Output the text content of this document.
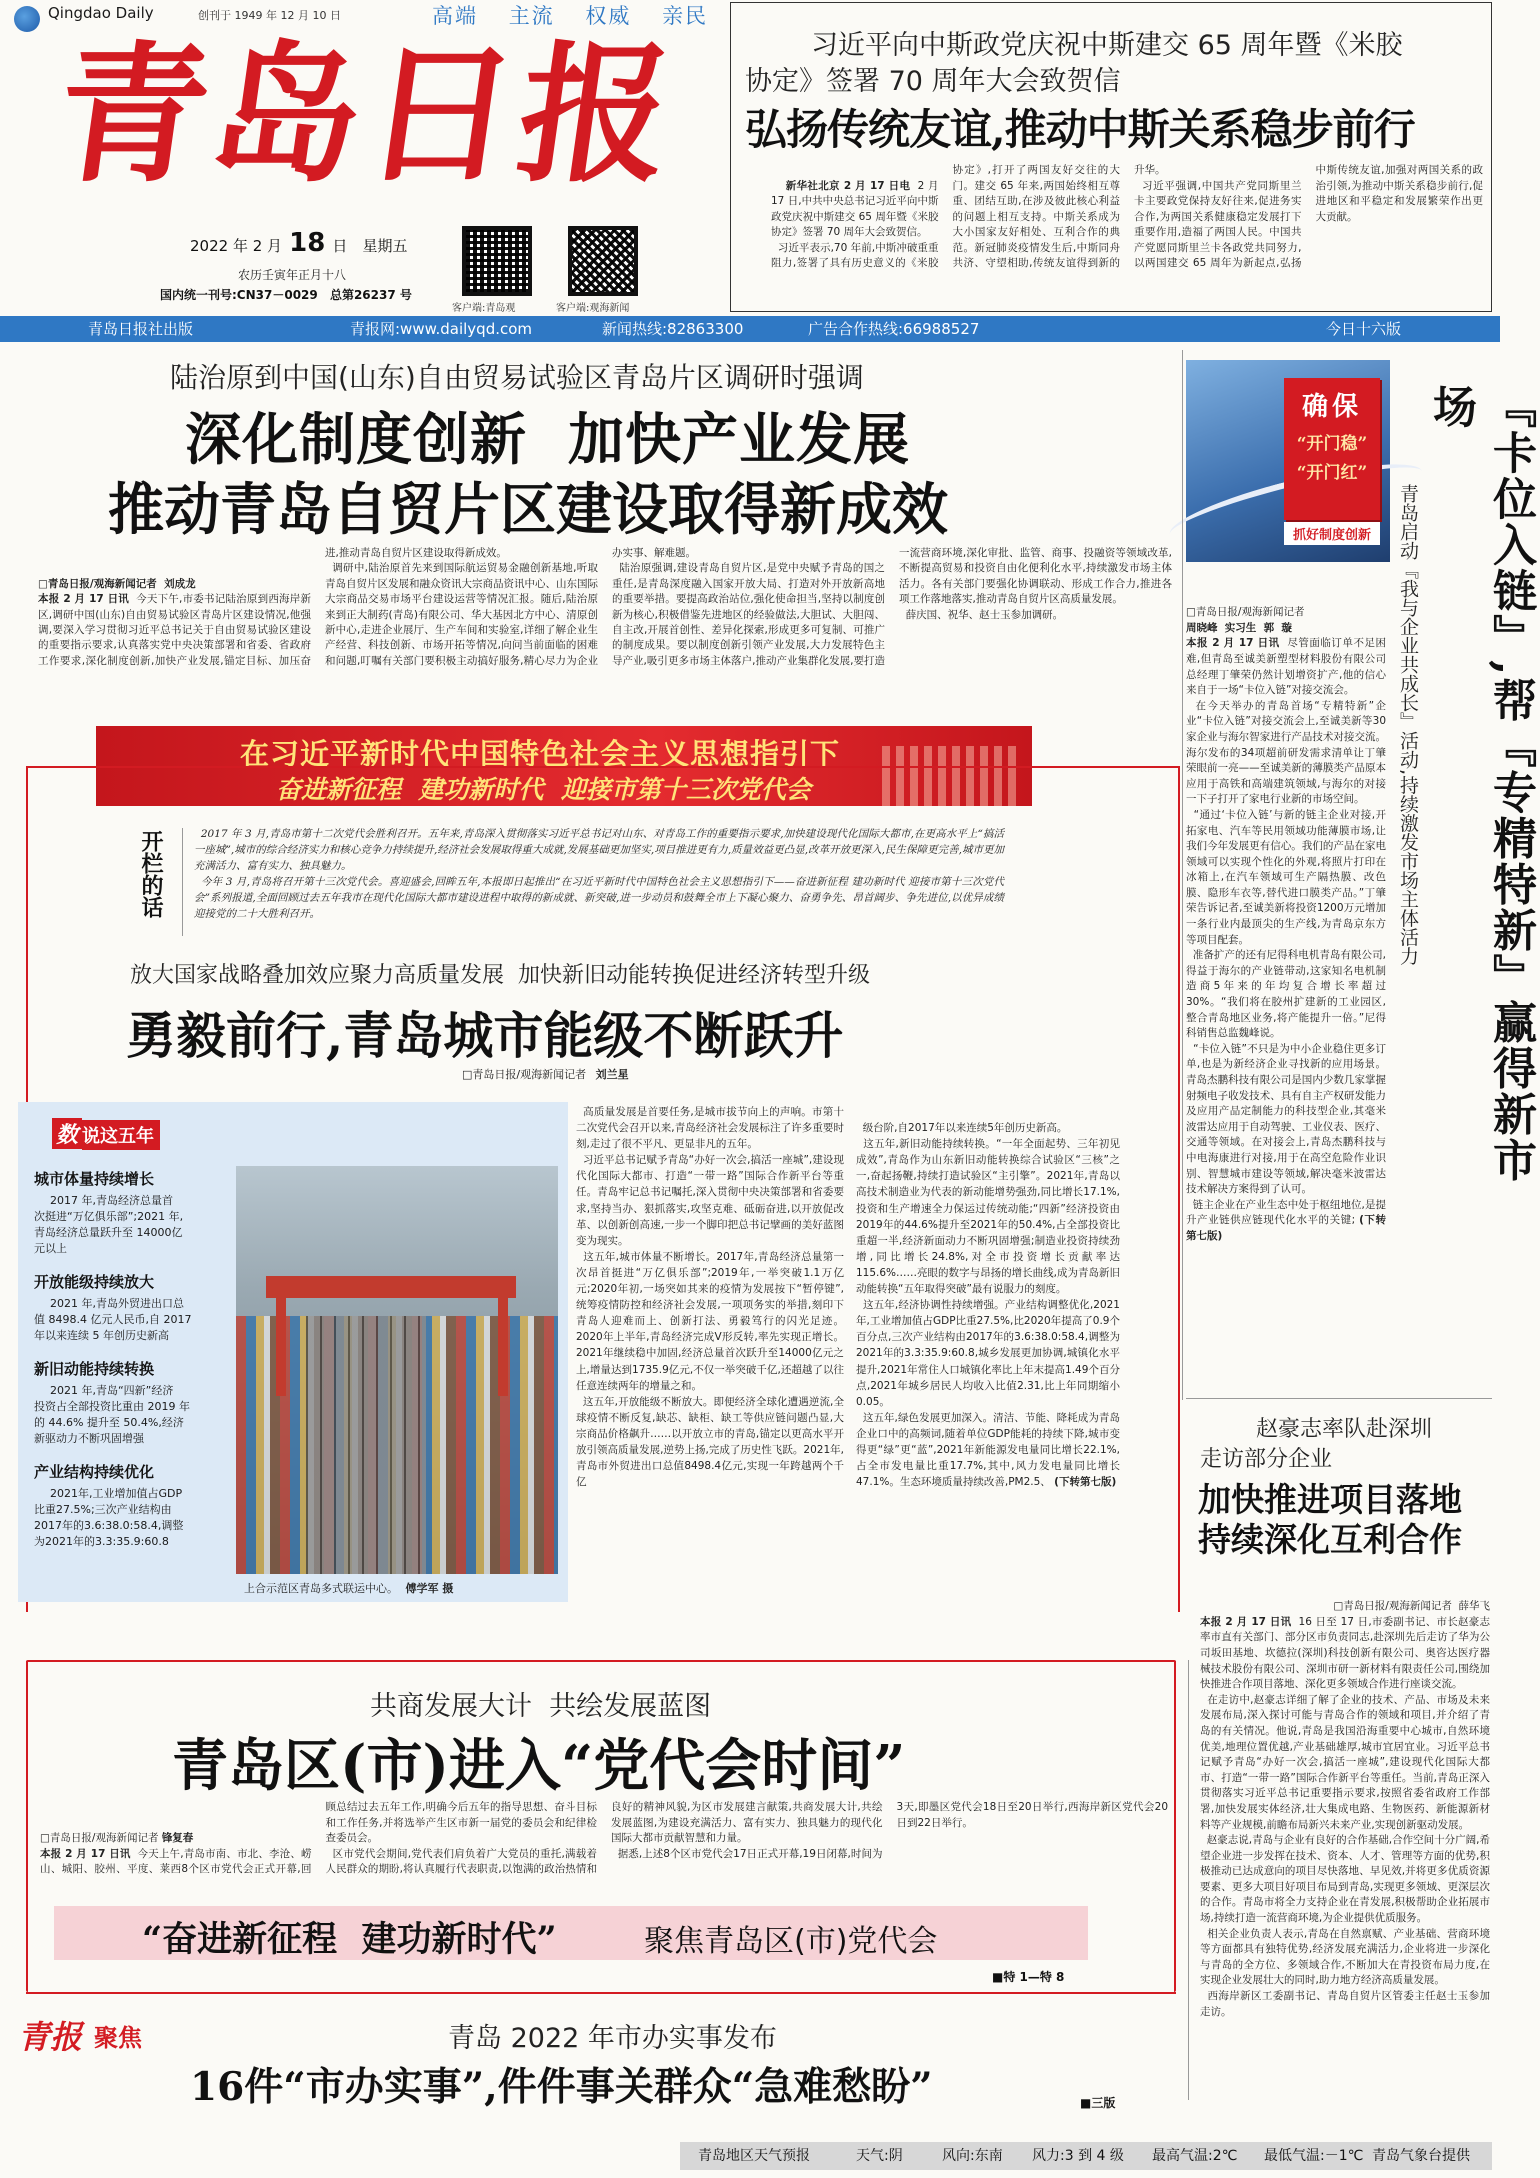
Qingdao Daily	创刊于 1949 年 12 月 10 日	高端 主流 权威 亲民
青岛日报
2022 年 2 月 18 日 星期五
农历壬寅年正月十八
国内统一刊号:CN37－0029 总第26237 号
客户端:青岛观	客户端:观海新闻
习近平向中斯政党庆祝中斯建交 65 周年暨《米胶
协定》签署 70 周年大会致贺信
弘扬传统友谊,推动中斯关系稳步前行

新华社北京 2 月 17 日电  2 月 17 日,中共中央总书记习近平向中斯政党庆祝中斯建交 65 周年暨《米胶协定》签署 70 周年大会致贺信。
习近平表示,70 年前,中斯冲破重重阻力,签署了具有历史意义的《米胶协定》,打开了两国友好交往的大门。建交 65 年来,两国始终相互尊重、团结互助,在涉及彼此核心利益的问题上相互支持。中斯关系成为大小国家友好相处、互利合作的典范。新冠肺炎疫情发生后,中斯同舟共济、守望相助,传统友谊得到新的升华。
习近平强调,中国共产党同斯里兰卡主要政党保持友好往来,促进务实合作,为两国关系健康稳定发展打下重要作用,造福了两国人民。中国共产党愿同斯里兰卡各政党共同努力,以两国建交 65 周年为新起点,弘扬中斯传统友谊,加强对两国关系的政治引领,为推动中斯关系稳步前行,促进地区和平稳定和发展繁荣作出更大贡献。

青岛日报社出版	青报网:www.dailyqd.com	新闻热线:82863300	广告合作热线:66988527	今日十六版
陆治原到中国(山东)自由贸易试验区青岛片区调研时强调
深化制度创新  加快产业发展
推动青岛自贸片区建设取得新成效

□青岛日报/观海新闻记者  刘成龙
本报 2 月 17 日讯  今天下午,市委书记陆治原到西海岸新区,调研中国(山东)自由贸易试验区青岛片区建设情况,他强调,要深入学习贯彻习近平总书记关于自由贸易试验区建设的重要指示要求,认真落实党中央决策部署和省委、省政府工作要求,深化制度创新,加快产业发展,锚定目标、加压奋进,推动青岛自贸片区建设取得新成效。
调研中,陆治原首先来到国际航运贸易金融创新基地,听取青岛自贸片区发展和融众资讯大宗商品资讯中心、山东国际大宗商品交易市场平台建设运营等情况汇报。随后,陆治原来到正大制药(青岛)有限公司、华大基因北方中心、清原创新中心,走进企业展厅、生产车间和实验室,详细了解企业生产经营、科技创新、市场开拓等情况,向问当前面临的困难和问题,叮嘱有关部门要积极主动搞好服务,精心尽力为企业办实事、解难题。
陆治原强调,建设青岛自贸片区,是党中央赋予青岛的国之重任,是青岛深度融入国家开放大局、打造对外开放新高地的重要举措。要提高政治站位,强化使命担当,坚持以制度创新为核心,积极借鉴先进地区的经验做法,大胆试、大胆闯、自主改,开展首创性、差异化探索,形成更多可复制、可推广的制度成果。要以制度创新引领产业发展,大力发展特色主导产业,吸引更多市场主体落户,推动产业集群化发展,要打造一流营商环境,深化审批、监管、商事、投融资等领域改革,不断提高贸易和投资自由化便利化水平,持续激发市场主体活力。各有关部门要强化协调联动、形成工作合力,推进各项工作落地落实,推动青岛自贸片区高质量发展。
薛庆国、祝华、赵士玉参加调研。

确保
“开门稳”
“开门红”
抓好制度创新	『卡位入链』,帮『专精特新』赢得新市场
青岛启动『我与企业共成长』活动,持续激发市场主体活力

□青岛日报/观海新闻记者
周晓峰  实习生  郭  璇
本报 2 月 17 日讯  尽管面临订单不足困难,但青岛至诚美新塑型材料股份有限公司总经理丁肇荣仍然计划增资扩产,他的信心来自于一场“卡位入链”对接交流会。
在今天举办的青岛首场“专精特新”企业“卡位入链”对接交流会上,至诚美新等30家企业与海尔智家进行产品技术对接交流。海尔发布的34项超前研发需求清单让丁肇荣眼前一亮——至诚美新的薄膜类产品原本应用于高铁和高端建筑领域,与海尔的对接一下子打开了家电行业新的市场空间。
“通过‘卡位入链’与新的链主企业对接,开拓家电、汽车等民用领域功能薄膜市场,让我们今年发展更有信心。我们的产品在家电领域可以实现个性化的外观,将照片打印在冰箱上,在汽车领域可生产隔热膜、改色膜、隐形车衣等,替代进口膜类产品。”丁肇荣告诉记者,至诚美新将投资1200万元增加一条行业内最顶尖的生产线,为青岛京东方等项目配套。
准备扩产的还有尼得科电机青岛有限公司,得益于海尔的产业链带动,这家知名电机制造商5年来的年均复合增长率超过30%。“我们将在胶州扩建新的工业园区,整合青岛地区业务,将产能提升一倍。”尼得科销售总监魏峰说。
“卡位入链”不只是为中小企业稳住更多订单,也是为新经济企业寻找新的应用场景。青岛杰鹏科技有限公司是国内少数几家掌握射频电子收发技术、具有自主产权研发能力及应用产品定制能力的科技型企业,其毫米波雷达应用于自动驾驶、工业仪表、医疗、交通等领域。在对接会上,青岛杰鹏科技与中电海康进行对接,用于在高空危险作业识别、智慧城市建设等领域,解决毫米波雷达技术解决方案得到了认可。
链主企业在产业生态中处于枢纽地位,是提升产业链供应链现代化水平的关键; (下转第七版)

在习近平新时代中国特色社会主义思想指引下
奋进新征程  建功新时代  迎接市第十三次党代会
开栏的话	2017 年 3 月,青岛市第十二次党代会胜利召开。五年来,青岛深入贯彻落实习近平总书记对山东、对青岛工作的重要指示要求,加快建设现代化国际大都市,在更高水平上“搞活一座城”,城市的综合经济实力和核心竞争力持续提升,经济社会发展取得重大成就,发展基础更加坚实,项目推进更有力,质量效益更凸显,改革开放更深入,民生保障更完善,城市更加充满活力、富有实力、独具魅力。
今年 3 月,青岛将召开第十三次党代会。喜迎盛会,回眸五年,本报即日起推出“在习近平新时代中国特色社会主义思想指引下——奋进新征程 建功新时代 迎接市第十三次党代会”系列报道,全面回顾过去五年我市在现代化国际大都市建设进程中取得的新成就、新突破,进一步动员和鼓舞全市上下凝心聚力、奋勇争先、昂首阔步、争先进位,以优异成绩迎接党的二十大胜利召开。
放大国家战略叠加效应聚力高质量发展  加快新旧动能转换促进经济转型升级
勇毅前行,青岛城市能级不断跃升
□青岛日报/观海新闻记者 刘兰星
数 说这五年
城市体量持续增长
2017 年,青岛经济总量首
次挺进“万亿俱乐部”;2021 年,
青岛经济总量跃升至 14000亿
元以上
开放能级持续放大
2021 年,青岛外贸进出口总
值 8498.4 亿元人民币,自 2017
年以来连续 5 年创历史新高
新旧动能持续转换
2021 年,青岛“四新”经济
投资占全部投资比重由 2019 年
的 44.6% 提升至 50.4%,经济
新驱动力不断巩固增强
产业结构持续优化
2021年,工业增加值占GDP
比重27.5%;三次产业结构由
2017年的3.6:38.0:58.4,调整
为2021年的3.3:35.9:60.8
上合示范区青岛多式联运中心。 傅学军 摄
高质量发展是首要任务,是城市拔节向上的声响。市第十二次党代会召开以来,青岛经济社会发展标注了许多重要时刻,走过了很不平凡、更显非凡的五年。
习近平总书记赋予青岛“办好一次会,搞活一座城”,建设现代化国际大都市、打造“一带一路”国际合作新平台等重任。青岛牢记总书记嘱托,深入贯彻中央决策部署和省委要求,坚持当办、狠抓落实,攻坚克难、砥砺奋进,以开放促改革、以创新创高速,一步一个脚印把总书记擘画的美好蓝图变为现实。
这五年,城市体量不断增长。2017年,青岛经济总量第一次昂首挺进“万亿俱乐部”;2019年,一举突破1.1万亿元;2020年初,一场突如其来的疫情为发展按下“暂停键”,统筹疫情防控和经济社会发展,一项项务实的举措,刻印下青岛人迎难而上、创新打法、勇毅笃行的闪光足迹。2020年上半年,青岛经济完成V形反转,率先实现正增长。2021年继续稳中加固,经济总量首次跃升至14000亿元之上,增量达到1735.9亿元,不仅一举突破千亿,还超越了以往任意连续两年的增量之和。
这五年,开放能级不断放大。即便经济全球化遭遇逆流,全球疫情不断反复,缺芯、缺柜、缺工等供应链问题凸显,大宗商品价格飙升……以开放立市的青岛,锚定以更高水平开放引领高质量发展,逆势上扬,完成了历史性飞跃。2021年,青岛市外贸进出口总值8498.4亿元,实现一年跨越两个千亿

级台阶,自2017年以来连续5年创历史新高。
这五年,新旧动能持续转换。“一年全面起势、三年初见成效”,青岛作为山东新旧动能转换综合试验区“三核”之一,奋起扬鞭,持续打造试验区“主引擎”。2021年,青岛以高技术制造业为代表的新动能增势强劲,同比增长17.1%,投资和生产增速全力保运过传统动能;“四新”经济投资由2019年的44.6%提升至2021年的50.4%,占全部投资比重超一半,经济新面动力不断巩固增强;制造业投资持续劲增,同比增长24.8%,对全市投资增长贡献率达115.6%……亮眼的数字与昂扬的增长曲线,成为青岛新旧动能转换“五年取得突破”最有说服力的刻度。
这五年,经济协调性持续增强。产业结构调整优化,2021年,工业增加值占GDP比重27.5%,比2020年提高了0.9个百分点,三次产业结构由2017年的3.6:38.0:58.4,调整为2021年的3.3:35.9:60.8,城乡发展更加协调,城镇化水平提升,2021年常住人口城镇化率比上年末提高1.49个百分点,2021年城乡居民人均收入比值2.31,比上年同期缩小0.05。
这五年,绿色发展更加深入。清洁、节能、降耗成为青岛企业口中的高频词,随着单位GDP能耗的持续下降,城市变得更“绿”更“蓝”,2021年新能源发电量同比增长22.1%,占全市发电量比重17.7%,其中,风力发电量同比增长47.1%。生态环境质量持续改善,PM2.5、 (下转第七版)

赵豪志率队赴深圳
走访部分企业
加快推进项目落地
持续深化互利合作

□青岛日报/观海新闻记者  薛华飞
本报 2 月 17 日讯  16 日至 17 日,市委副书记、市长赵豪志率市直有关部门、部分区市负责同志,赴深圳先后走访了华为公司坂田基地、坎德拉(深圳)科技创新有限公司、奥咨达医疗器械技术股份有限公司、深圳市研一新材料有限责任公司,围绕加快推进合作项目落地、深化更多领域合作进行座谈交流。
在走访中,赵豪志详细了解了企业的技术、产品、市场及未来发展布局,深入探讨可能与青岛合作的领域和项目,并介绍了青岛的有关情况。他说,青岛是我国沿海重要中心城市,自然环境优美,地理位置优越,产业基础雄厚,城市宜居宜业。习近平总书记赋予青岛“办好一次会,搞活一座城”,建设现代化国际大都市、打造“一带一路”国际合作新平台等重任。当前,青岛正深入贯彻落实习近平总书记重要指示要求,按照省委省政府工作部署,加快发展实体经济,壮大集成电路、生物医药、新能源新材料等产业规模,前瞻布局新兴未来产业,实现创新驱动发展。
赵豪志说,青岛与企业有良好的合作基础,合作空间十分广阔,希望企业进一步发挥在技术、资本、人才、管理等方面的优势,积极推动已达成意向的项目尽快落地、早见效,并将更多优质资源要素、更多大项目好项目布局到青岛,实现更多领域、更深层次的合作。青岛市将全力支持企业在青发展,积极帮助企业拓展市场,持续打造一流营商环境,为企业提供优质服务。
相关企业负责人表示,青岛在自然禀赋、产业基础、营商环境等方面都具有独特优势,经济发展充满活力,企业将进一步深化与青岛的全方位、多领域合作,不断加大在青投资布局力度,在实现企业发展壮大的同时,助力地方经济高质量发展。
西海岸新区工委副书记、青岛自贸片区管委主任赵士玉参加走访。

共商发展大计  共绘发展蓝图
青岛区(市)进入“党代会时间”

□青岛日报/观海新闻记者 锋复春
本报 2 月 17 日讯  今天上午,青岛市南、市北、李沧、崂山、城阳、胶州、平度、莱西8个区市党代会正式开幕,回顾总结过去五年工作,明确今后五年的指导思想、奋斗目标和工作任务,并将选举产生区市新一届党的委员会和纪律检查委员会。
区市党代会期间,党代表们肩负着广大党员的重托,满载着人民群众的期盼,将认真履行代表职责,以饱满的政治热情和良好的精神风貌,为区市发展建言献策,共商发展大计,共绘发展蓝图,为建设充满活力、富有实力、独具魅力的现代化国际大都市贡献智慧和力量。
据悉,上述8个区市党代会17日正式开幕,19日闭幕,时间为3天,即墨区党代会18日至20日举行,西海岸新区党代会20日到22日举行。

“奋进新征程  建功新时代”	聚焦青岛区(市)党代会
■特 1—特 8
青报 聚焦	青岛 2022 年市办实事发布
16件“市办实事”,件件事关群众“急难愁盼”	■三版
青岛地区天气预报	天气:阴	风向:东南 风力:3 到 4 级 最高气温:2℃ 最低气温:－1℃ 青岛气象台提供
